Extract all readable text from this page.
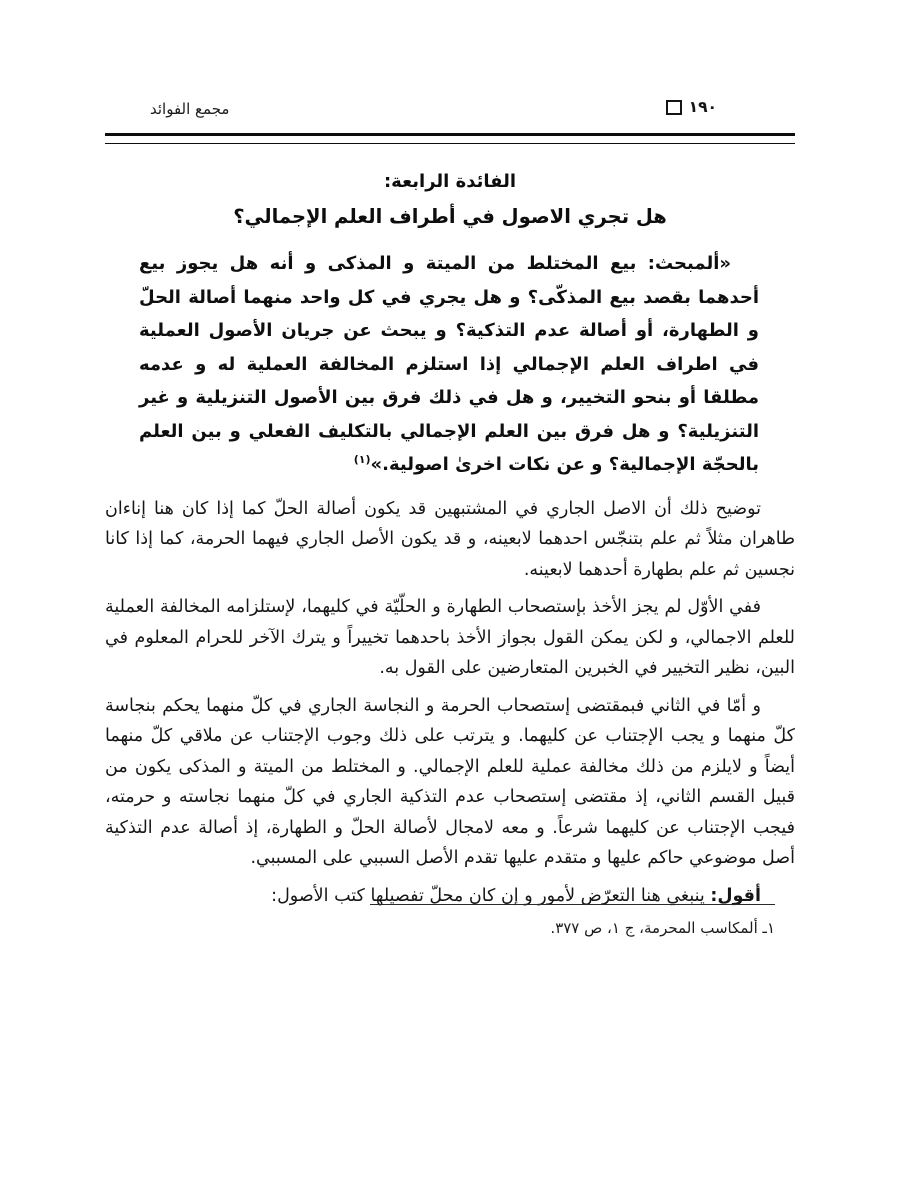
مجمع الفوائد	١٩٠
الفائدة الرابعة:
هل تجري الاصول في أطراف العلم الإجمالي؟

«ألمبحث: بيع المختلط من الميتة و المذكى و أنه هل يجوز بيع أحدهما بقصد بيع المذكّى؟ و هل يجري في كل واحد منهما أصالة الحلّ و الطهارة، أو أصالة عدم التذكية؟ و يبحث عن جريان الأصول العملية في اطراف العلم الإجمالي إذا استلزم المخالفة العملية له و عدمه مطلقا أو بنحو التخيير، و هل في ذلك فرق بين الأصول التنزيلية و غير التنزيلية؟ و هل فرق بين العلم الإجمالي بالتكليف الفعلي و بين العلم بالحجّة الإجمالية؟ و عن نكات اخرىٰ اصولية.»$^{(١)}$

توضيح ذلك أن الاصل الجاري في المشتبهين قد يكون أصالة الحلّ كما إذا كان هنا إناءان طاهران مثلاً ثم علم بتنجّس احدهما لابعينه، و قد يكون الأصل الجاري فيهما الحرمة، كما إذا كانا نجسين ثم علم بطهارة أحدهما لابعينه.

ففي الأوّل لم يجز الأخذ بإستصحاب الطهارة و الحلّيّة في كليهما، لإستلزامه المخالفة العملية للعلم الاجمالي، و لكن يمكن القول بجواز الأخذ باحدهما تخييراً و يترك الآخر للحرام المعلوم في البين، نظير التخيير في الخبرين المتعارضين على القول به.

و أمّا في الثاني فبمقتضى إستصحاب الحرمة و النجاسة الجاري في كلّ منهما يحكم بنجاسة كلّ منهما و يجب الإجتناب عن كليهما. و يترتب على ذلك وجوب الإجتناب عن ملاقي كلّ منهما أيضاً و لايلزم من ذلك مخالفة عملية للعلم الإجمالي. و المختلط من الميتة و المذكى يكون من قبيل القسم الثاني، إذ مقتضى إستصحاب عدم التذكية الجاري في كلّ منهما نجاسته و حرمته، فيجب الإجتناب عن كليهما شرعاً. و معه لامجال لأصالة الحلّ و الطهارة، إذ أصالة عدم التذكية أصل موضوعي حاكم عليها و متقدم عليها تقدم الأصل السببي على المسببي.

أقول: ينبغي هنا التعرّض لأمور و إن كان محلّ تفصيلها كتب الأصول:

١ـ ألمكاسب المحرمة، ج ١، ص ٣٧٧.
